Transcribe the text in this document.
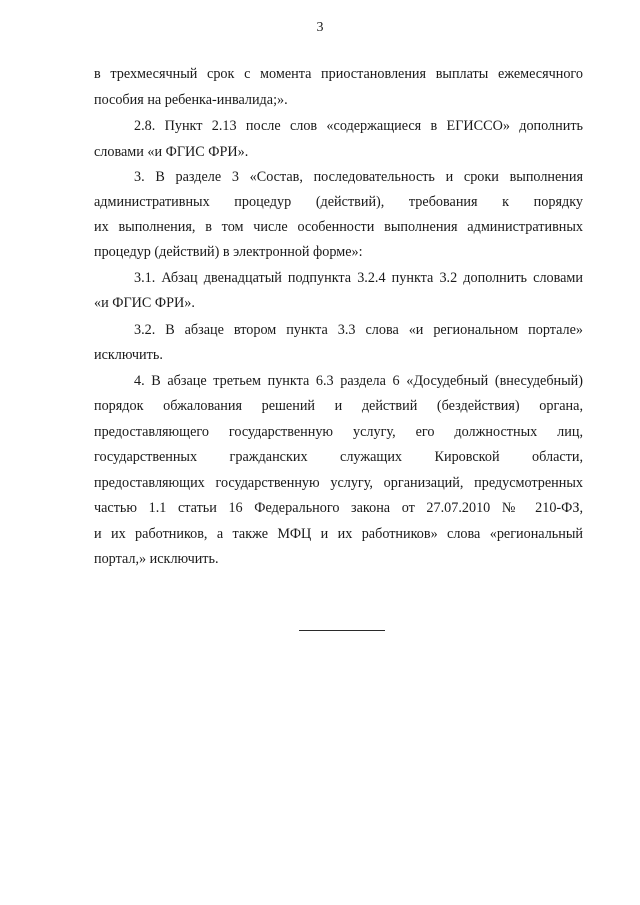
3
в трехмесячный срок с момента приостановления выплаты ежемесячного
пособия на ребенка-инвалида;».
2.8. Пункт 2.13 после слов «содержащиеся в ЕГИССО» дополнить
словами «и ФГИС ФРИ».
3. В разделе 3 «Состав, последовательность и сроки выполнения
административных процедур (действий), требования к порядку
их выполнения, в том числе особенности выполнения административных
процедур (действий) в электронной форме»:
3.1. Абзац двенадцатый подпункта 3.2.4 пункта 3.2 дополнить словами
«и ФГИС ФРИ».
3.2. В абзаце втором пункта 3.3 слова «и региональном портале»
исключить.
4. В абзаце третьем пункта 6.3 раздела 6 «Досудебный (внесудебный)
порядок обжалования решений и действий (бездействия) органа,
предоставляющего государственную услугу, его должностных лиц,
государственных гражданских служащих Кировской области,
предоставляющих государственную услугу, организаций, предусмотренных
частью 1.1 статьи 16 Федерального закона от 27.07.2010 № 210-ФЗ,
и их работников, а также МФЦ и их работников» слова «региональный
портал,» исключить.
